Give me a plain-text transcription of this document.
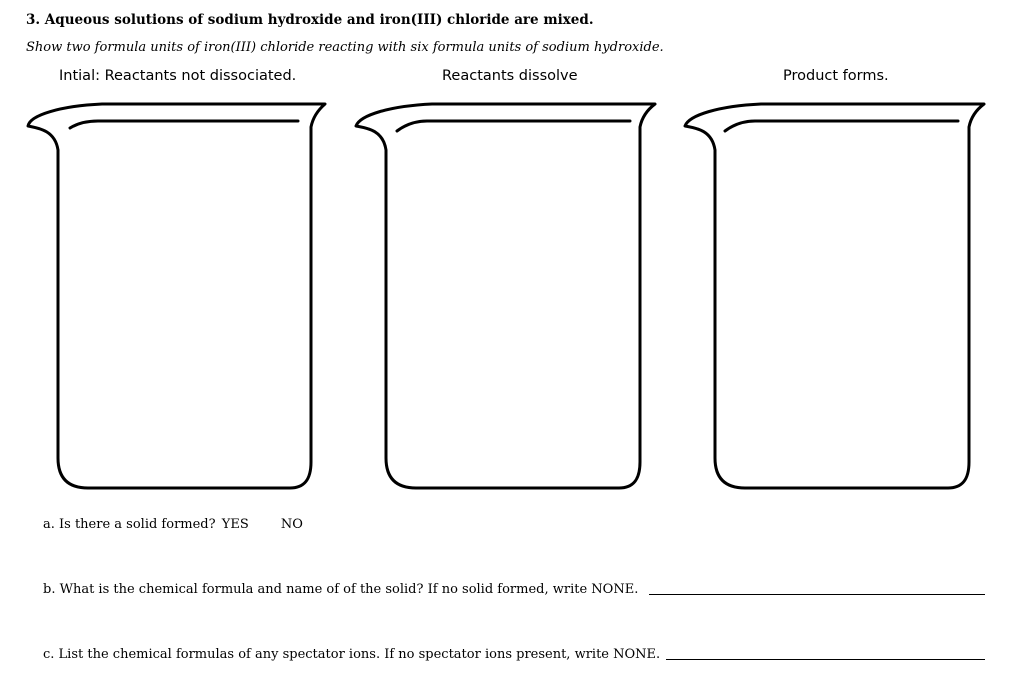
3. Aqueous solutions of sodium hydroxide and iron(III) chloride are mixed.
Show two formula units of iron(III) chloride reacting with six formula units of sodium hydroxide.
Intial: Reactants not dissociated.	Reactants dissolve	Product forms.
a. Is there a solid formed? YES NO
b. What is the chemical formula and name of of the solid? If no solid formed, write NONE.
c. List the chemical formulas of any spectator ions. If no spectator ions present, write NONE.
